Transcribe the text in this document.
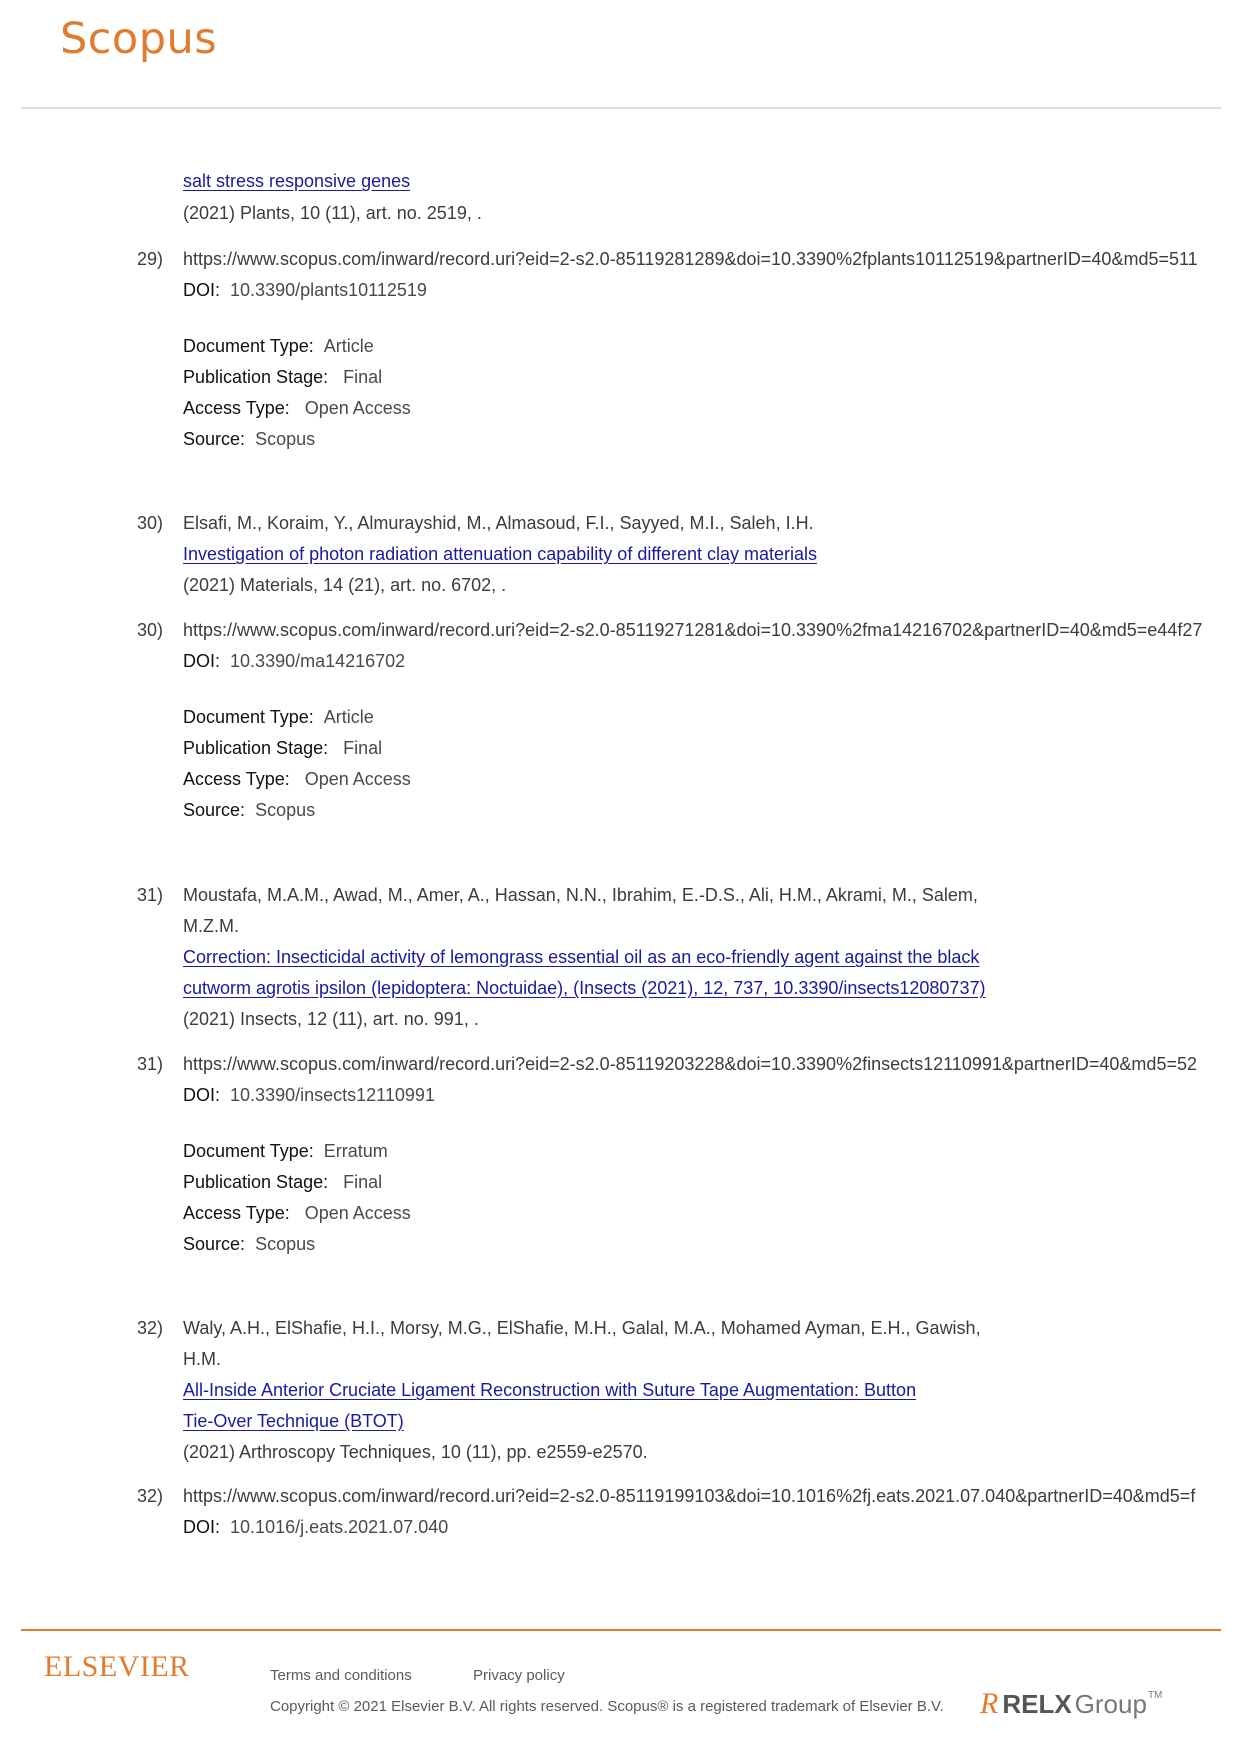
Scopus
salt stress responsive genes
(2021) Plants, 10 (11), art. no. 2519, .
29) https://www.scopus.com/inward/record.uri?eid=2-s2.0-85119281289&doi=10.3390%2fplants10112519&partnerID=40&md5=511
DOI: 10.3390/plants10112519
Document Type: Article
Publication Stage: Final
Access Type: Open Access
Source: Scopus
30) Elsafi, M., Koraim, Y., Almurayshid, M., Almasoud, F.I., Sayyed, M.I., Saleh, I.H.
Investigation of photon radiation attenuation capability of different clay materials
(2021) Materials, 14 (21), art. no. 6702, .
30) https://www.scopus.com/inward/record.uri?eid=2-s2.0-85119271281&doi=10.3390%2fma14216702&partnerID=40&md5=e44f27
DOI: 10.3390/ma14216702
Document Type: Article
Publication Stage: Final
Access Type: Open Access
Source: Scopus
31) Moustafa, M.A.M., Awad, M., Amer, A., Hassan, N.N., Ibrahim, E.-D.S., Ali, H.M., Akrami, M., Salem,
M.Z.M.
Correction: Insecticidal activity of lemongrass essential oil as an eco-friendly agent against the black
cutworm agrotis ipsilon (lepidoptera: Noctuidae), (Insects (2021), 12, 737, 10.3390/insects12080737)
(2021) Insects, 12 (11), art. no. 991, .
31) https://www.scopus.com/inward/record.uri?eid=2-s2.0-85119203228&doi=10.3390%2finsects12110991&partnerID=40&md5=52
DOI: 10.3390/insects12110991
Document Type: Erratum
Publication Stage: Final
Access Type: Open Access
Source: Scopus
32) Waly, A.H., ElShafie, H.I., Morsy, M.G., ElShafie, M.H., Galal, M.A., Mohamed Ayman, E.H., Gawish,
H.M.
All-Inside Anterior Cruciate Ligament Reconstruction with Suture Tape Augmentation: Button
Tie-Over Technique (BTOT)
(2021) Arthroscopy Techniques, 10 (11), pp. e2559-e2570.
32) https://www.scopus.com/inward/record.uri?eid=2-s2.0-85119199103&doi=10.1016%2fj.eats.2021.07.040&partnerID=40&md5=f
DOI: 10.1016/j.eats.2021.07.040
ELSEVIER	Terms and conditions	Privacy policy
Copyright © 2021 Elsevier B.V. All rights reserved. Scopus® is a registered trademark of Elsevier B.V. R RELX Group TM
